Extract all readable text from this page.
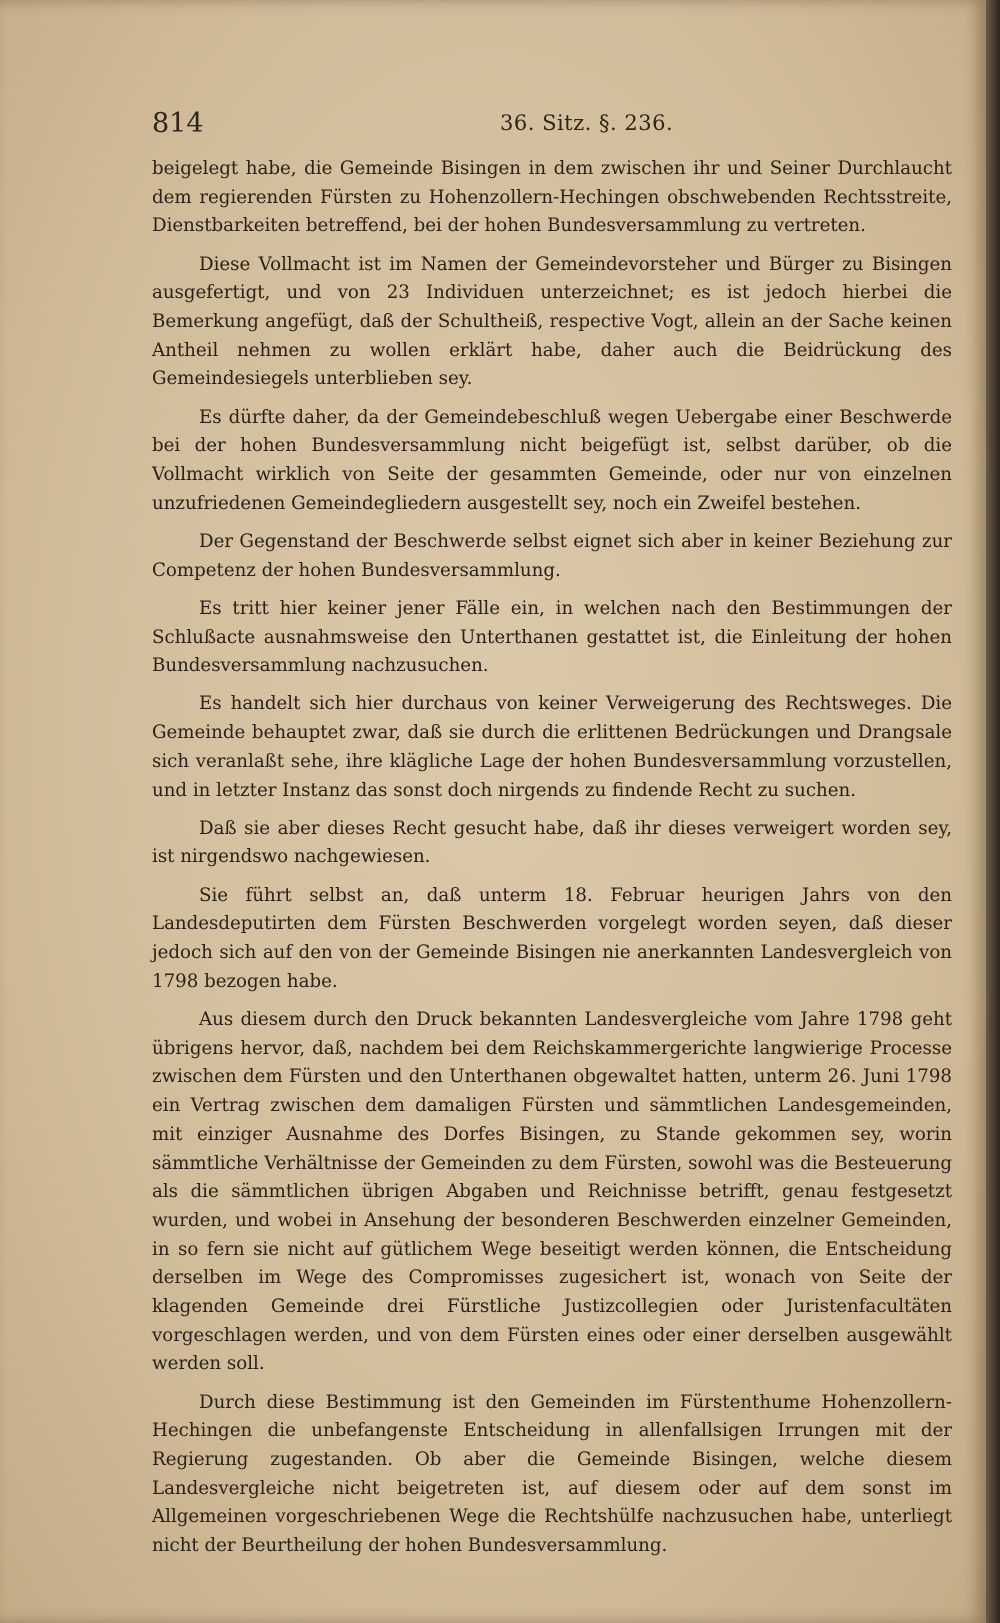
814	36. Sitz. §. 236.

beigelegt habe, die Gemeinde Bisingen in dem zwischen ihr und Seiner Durchlaucht dem regierenden Fürsten zu Hohenzollern-Hechingen obschwebenden Rechtsstreite, Dienstbarkeiten betreffend, bei der hohen Bundesversammlung zu vertreten.

Diese Vollmacht ist im Namen der Gemeindevorsteher und Bürger zu Bisingen ausgefertigt, und von 23 Individuen unterzeichnet; es ist jedoch hierbei die Bemerkung angefügt, daß der Schultheiß, respective Vogt, allein an der Sache keinen Antheil nehmen zu wollen erklärt habe, daher auch die Beidrückung des Gemeindesiegels unterblieben sey.

Es dürfte daher, da der Gemeindebeschluß wegen Uebergabe einer Beschwerde bei der hohen Bundesversammlung nicht beigefügt ist, selbst darüber, ob die Vollmacht wirklich von Seite der gesammten Gemeinde, oder nur von einzelnen unzufriedenen Gemeindegliedern ausgestellt sey, noch ein Zweifel bestehen.

Der Gegenstand der Beschwerde selbst eignet sich aber in keiner Beziehung zur Competenz der hohen Bundesversammlung.

Es tritt hier keiner jener Fälle ein, in welchen nach den Bestimmungen der Schlußacte ausnahmsweise den Unterthanen gestattet ist, die Einleitung der hohen Bundesversammlung nachzusuchen.

Es handelt sich hier durchaus von keiner Verweigerung des Rechtsweges. Die Gemeinde behauptet zwar, daß sie durch die erlittenen Bedrückungen und Drangsale sich veranlaßt sehe, ihre klägliche Lage der hohen Bundesversammlung vorzustellen, und in letzter Instanz das sonst doch nirgends zu findende Recht zu suchen.

Daß sie aber dieses Recht gesucht habe, daß ihr dieses verweigert worden sey, ist nirgendswo nachgewiesen.

Sie führt selbst an, daß unterm 18. Februar heurigen Jahrs von den Landesdeputirten dem Fürsten Beschwerden vorgelegt worden seyen, daß dieser jedoch sich auf den von der Gemeinde Bisingen nie anerkannten Landesvergleich von 1798 bezogen habe.

Aus diesem durch den Druck bekannten Landesvergleiche vom Jahre 1798 geht übrigens hervor, daß, nachdem bei dem Reichskammergerichte langwierige Processe zwischen dem Fürsten und den Unterthanen obgewaltet hatten, unterm 26. Juni 1798 ein Vertrag zwischen dem damaligen Fürsten und sämmtlichen Landesgemeinden, mit einziger Ausnahme des Dorfes Bisingen, zu Stande gekommen sey, worin sämmtliche Verhältnisse der Gemeinden zu dem Fürsten, sowohl was die Besteuerung als die sämmtlichen übrigen Abgaben und Reichnisse betrifft, genau festgesetzt wurden, und wobei in Ansehung der besonderen Beschwerden einzelner Gemeinden, in so fern sie nicht auf gütlichem Wege beseitigt werden können, die Entscheidung derselben im Wege des Compromisses zugesichert ist, wonach von Seite der klagenden Gemeinde drei Fürstliche Justizcollegien oder Juristenfacultäten vorgeschlagen werden, und von dem Fürsten eines oder einer derselben ausgewählt werden soll.

Durch diese Bestimmung ist den Gemeinden im Fürstenthume Hohenzollern-Hechingen die unbefangenste Entscheidung in allenfallsigen Irrungen mit der Regierung zugestanden. Ob aber die Gemeinde Bisingen, welche diesem Landesvergleiche nicht beigetreten ist, auf diesem oder auf dem sonst im Allgemeinen vorgeschriebenen Wege die Rechtshülfe nachzusuchen habe, unterliegt nicht der Beurtheilung der hohen Bundesversammlung.
